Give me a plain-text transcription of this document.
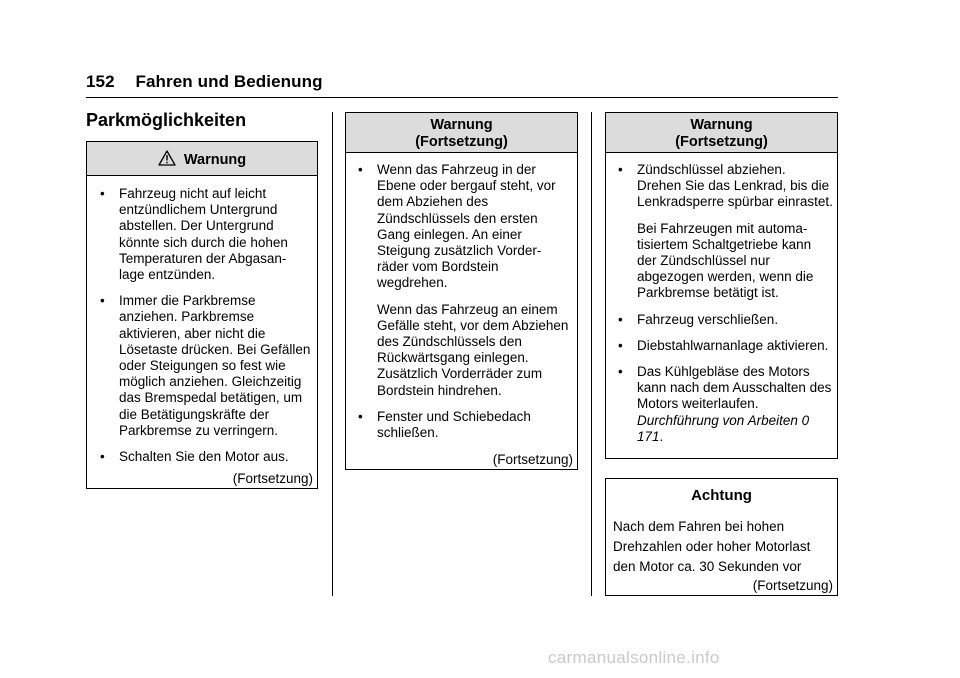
152 Fahren und Bedienung
Parkmöglichkeiten
Warnung
• Fahrzeug nicht auf leicht entzündlichem Untergrund abstellen. Der Untergrund könnte sich durch die hohen Temperaturen der Abgasan-lage entzünden.
• Immer die Parkbremse anziehen. Parkbremse aktivieren, aber nicht die Lösetaste drücken. Bei Gefällen oder Steigungen so fest wie möglich anziehen. Gleichzeitig das Bremspedal betätigen, um die Betätigungskräfte der Parkbremse zu verringern.
• Schalten Sie den Motor aus.
(Fortsetzung)
Warnung
(Fortsetzung)
• Wenn das Fahrzeug in der Ebene oder bergauf steht, vor dem Abziehen des Zündschlüssels den ersten Gang einlegen. An einer Steigung zusätzlich Vorder-räder vom Bordstein wegdrehen.
Wenn das Fahrzeug an einem Gefälle steht, vor dem Abziehen des Zündschlüssels den Rückwärtsgang einlegen. Zusätzlich Vorderräder zum Bordstein hindrehen.
• Fenster und Schiebedach schließen.
(Fortsetzung)
Warnung
(Fortsetzung)
• Zündschlüssel abziehen. Drehen Sie das Lenkrad, bis die Lenkradsperre spürbar einrastet.
Bei Fahrzeugen mit automa-tisiertem Schaltgetriebe kann der Zündschlüssel nur abgezogen werden, wenn die Parkbremse betätigt ist.
• Fahrzeug verschließen.
• Diebstahlwarnanlage aktivieren.
• Das Kühlgebläse des Motors kann nach dem Ausschalten des Motors weiterlaufen. Durchführung von Arbeiten 0 171.
Achtung
Nach dem Fahren bei hohen
Drehzahlen oder hoher Motorlast
den Motor ca. 30 Sekunden vor
(Fortsetzung)
carmanualsonline.info
